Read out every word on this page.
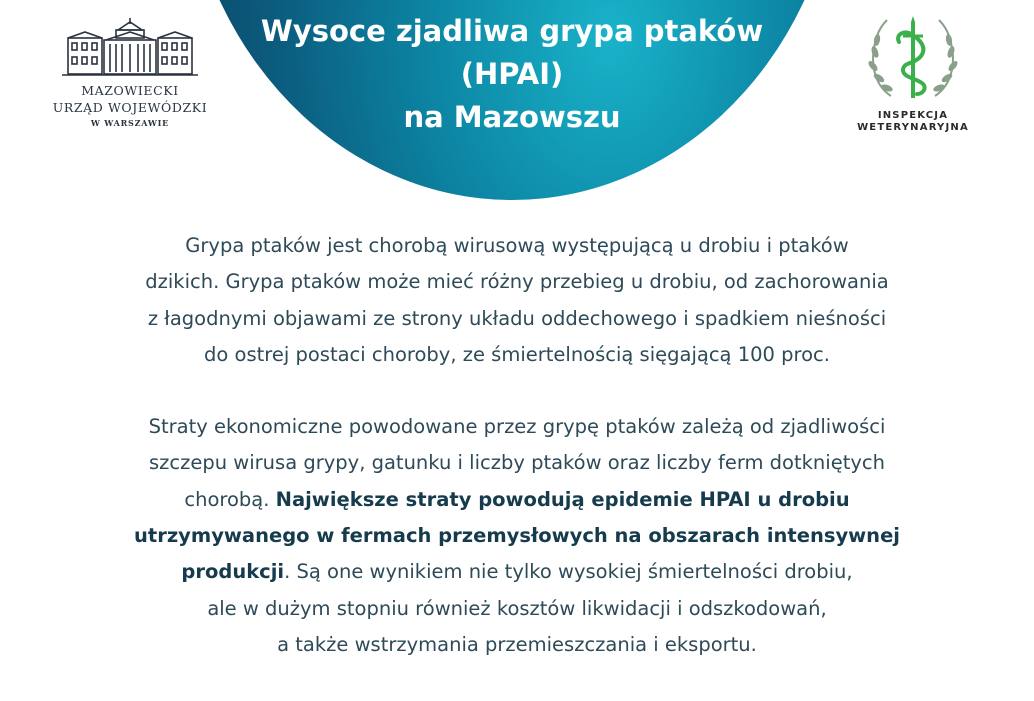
Wysoce zjadliwa grypa ptaków
(HPAI)
na Mazowszu
MAZOWIECKI
URZĄD WOJEWÓDZKI
W WARSZAWIE
INSPEKCJA
WETERYNARYJNA

Grypa ptaków jest chorobą wirusową występującą u drobiu i ptaków
dzikich. Grypa ptaków może mieć różny przebieg u drobiu, od zachorowania
z łagodnymi objawami ze strony układu oddechowego i spadkiem nieśności
do ostrej postaci choroby, ze śmiertelnością sięgającą 100 proc.

Straty ekonomiczne powodowane przez grypę ptaków zależą od zjadliwości
szczepu wirusa grypy, gatunku i liczby ptaków oraz liczby ferm dotkniętych
chorobą. Największe straty powodują epidemie HPAI u drobiu
utrzymywanego w fermach przemysłowych na obszarach intensywnej
produkcji. Są one wynikiem nie tylko wysokiej śmiertelności drobiu,
ale w dużym stopniu również kosztów likwidacji i odszkodowań,
a także wstrzymania przemieszczania i eksportu.
